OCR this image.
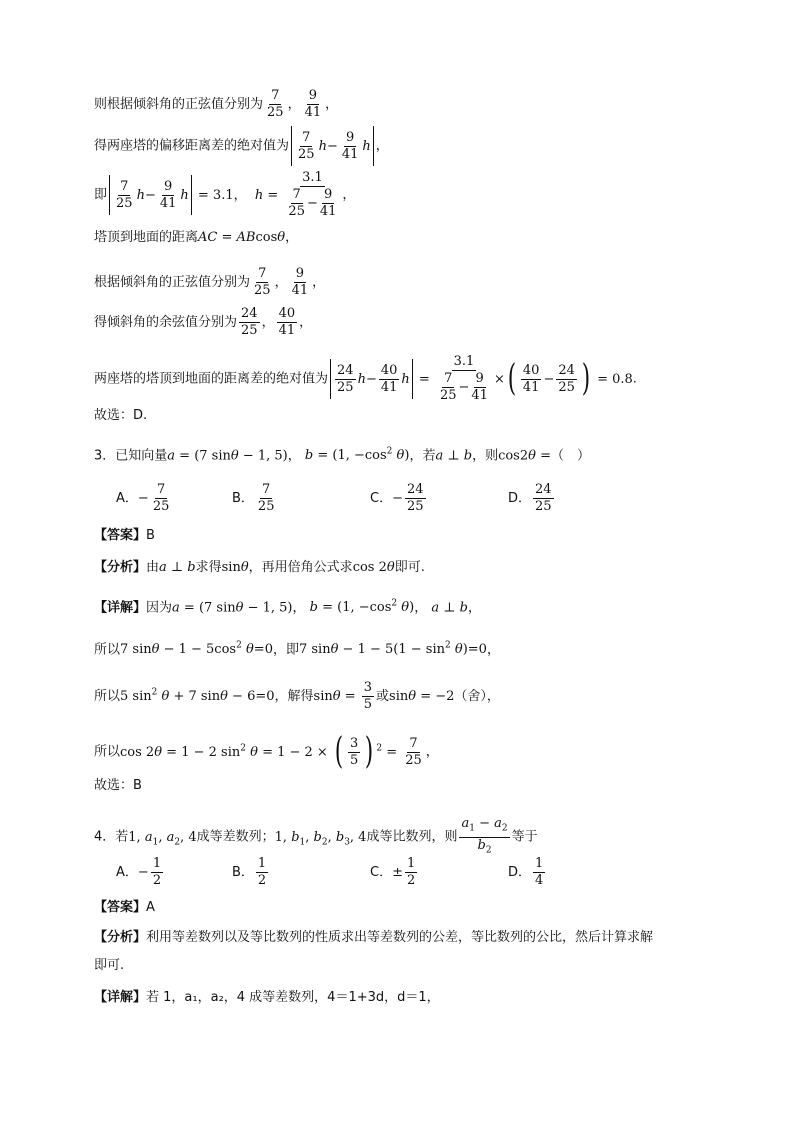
则根据倾斜角的正弦值分别为 $\frac{7}{25}$ ， $\frac{9}{41}$ ，
得两座塔的偏移距离差的绝对值为 $\frac{7}{25} h- \frac{9}{41}$ h ，
即 $\frac{7}{25} h- \frac{9}{41}$ h = 3.1，  $h = \frac{3.1}{\frac{7}{25} - \frac{9}{41}}$ ，
塔顶到地面的距离AC = ABcosθ，
根据倾斜角的正弦值分别为 $\frac{7}{25}$ ， $\frac{9}{41}$ ，
得倾斜角的余弦值分别为 $\frac{24}{25}$ ， $\frac{40}{41}$ ，
两座塔的塔顶到地面的距离差的绝对值为 $\frac{24}{25} h- \frac{40}{41}$ $h = \frac{3.1}{\frac{7}{25} - \frac{9}{41}}$ ×( $\frac{40}{41} - \frac{24}{25}$ ) = 0.8.
故选：D.
3．已知向量a = (7 sinθ − 1, 5)， b = (1, $-\cos^2$ θ)，若a ⊥ b，则cos2θ =（　）
A．− $\frac{7}{25}$	B． $\frac{7}{25}$	C．− $\frac{24}{25}$	D． $\frac{24}{25}$
【答案】B
【分析】由a ⊥ b求得sinθ，再用倍角公式求cos 2θ即可.
【详解】因为a = (7 sinθ − 1, 5)， b = (1, $-\cos^2$ θ)， a ⊥ b，
所以7 $\sin\theta - 1 - 5\cos^2$ θ=0，即7 $\sin\theta - 1 - 5(1 - \sin^2 \theta)=0$，
所以5 $\sin^2 \theta + 7$ sinθ − 6=0，解得$\sin\theta = \frac{3}{5}$ 或sinθ = −2（舍），
所以cos 2θ = 1 − 2 $\sin^2 \theta = 1 - 2$ × ( $\frac{3}{5}$ ) $^2 = \frac{7}{25}$ ，
故选：B
4．若1, $a_1$, $a_2$, 4成等差数列；1, $b_1$, $b_2$, $b_3$, 4成等比数列，则 $\frac{a_1 - a_2}{b_2}$ 等于
A．− $\frac{1}{2}$	B． $\frac{1}{2}$	C．± $\frac{1}{2}$	D． $\frac{1}{4}$
【答案】A
【分析】利用等差数列以及等比数列的性质求出等差数列的公差，等比数列的公比，然后计算求解
即可.
【详解】若 1，a₁，a₂，4 成等差数列，4＝1+3d，d＝1，
